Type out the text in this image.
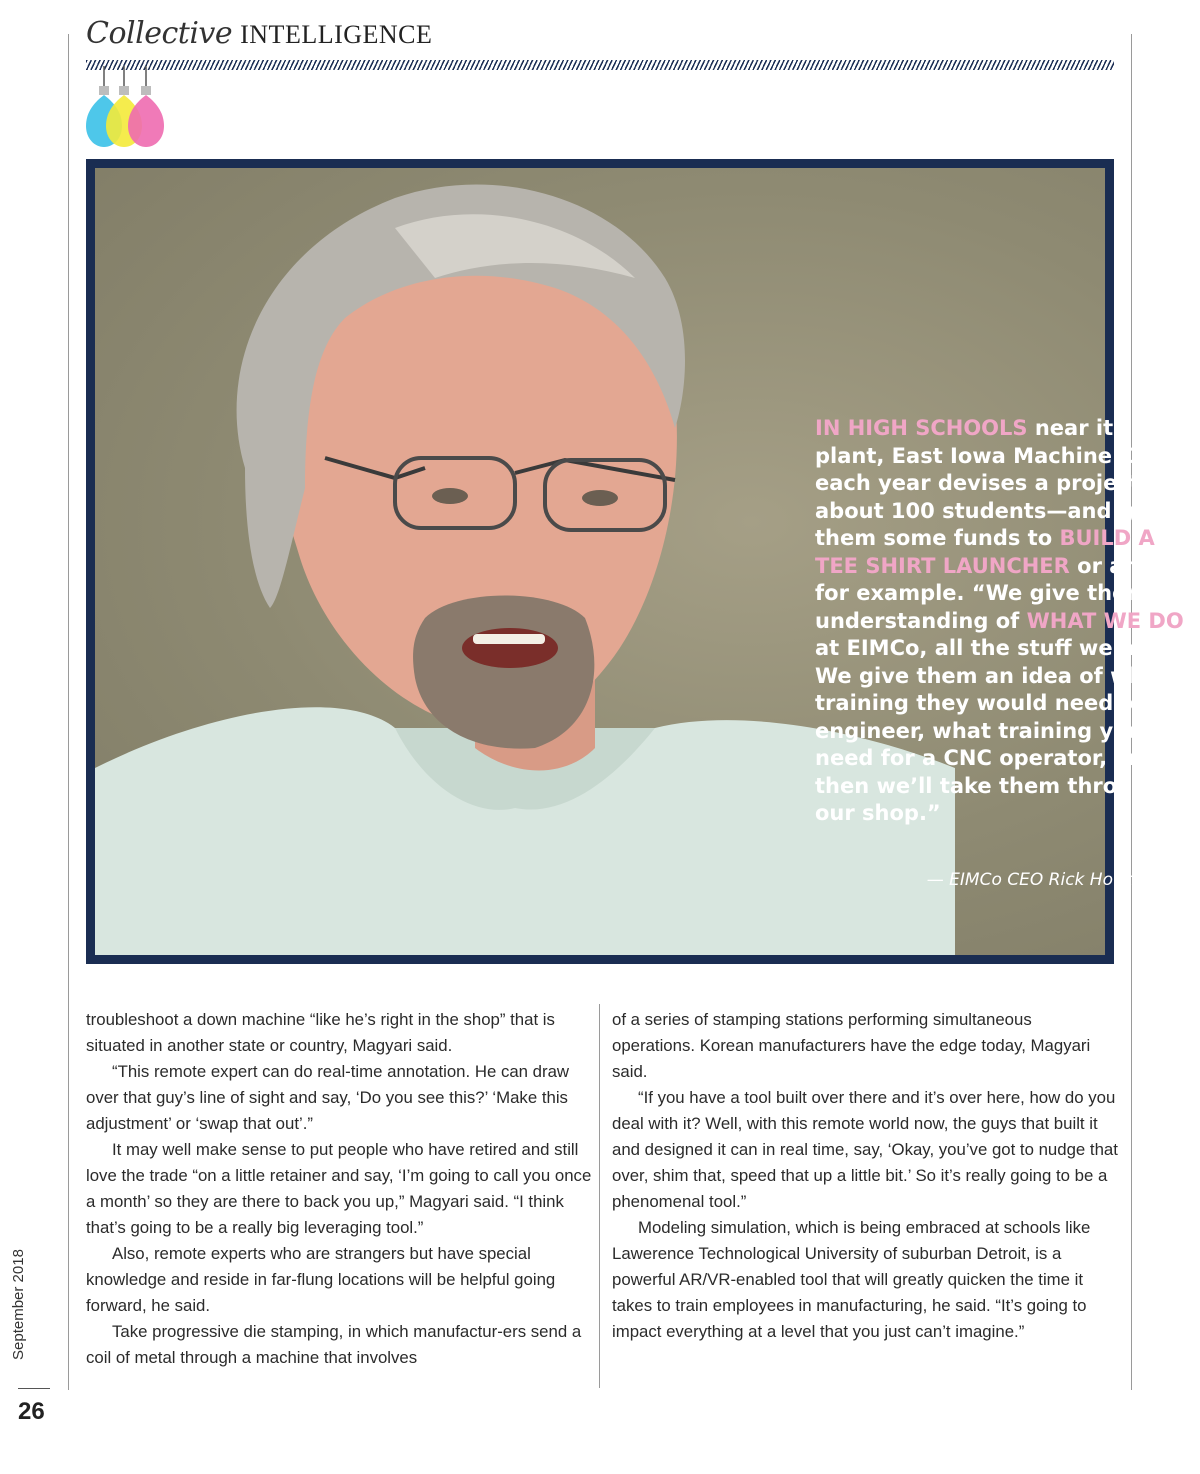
Collective INTELLIGENCE
IN HIGH SCHOOLS near its plant, East Iowa Machine Co each year devises a project for about 100 students—and gives them some funds to BUILD A TEE SHIRT LAUNCHER or a trike, for example. “We give them the understanding of WHAT WE DO at EIMCo, all the stuff we make. We give them an idea of what training they would need for an engineer, what training you need for a CNC operator, and then we’ll take them through our shop.”
— EIMCo CEO Rick Hoffman

troubleshoot a down machine “like he’s right in the shop” that is situated in another state or country, Magyari said.

“This remote expert can do real-time annotation. He can draw over that guy’s line of sight and say, ‘Do you see this?’ ‘Make this adjustment’ or ‘swap that out’.”

It may well make sense to put people who have retired and still love the trade “on a little retainer and say, ‘I’m going to call you once a month’ so they are there to back you up,” Magyari said. “I think that’s going to be a really big leveraging tool.”

Also, remote experts who are strangers but have special knowledge and reside in far-flung locations will be helpful going forward, he said.

Take progressive die stamping, in which manufactur-ers send a coil of metal through a machine that involves

of a series of stamping stations performing simultaneous operations. Korean manufacturers have the edge today, Magyari said.

“If you have a tool built over there and it’s over here, how do you deal with it? Well, with this remote world now, the guys that built it and designed it can in real time, say, ‘Okay, you’ve got to nudge that over, shim that, speed that up a little bit.’ So it’s really going to be a phenomenal tool.”

Modeling simulation, which is being embraced at schools like Lawerence Technological University of suburban Detroit, is a powerful AR/VR-enabled tool that will greatly quicken the time it takes to train employees in manufacturing, he said. “It’s going to impact everything at a level that you just can’t imagine.”

September 2018
26
